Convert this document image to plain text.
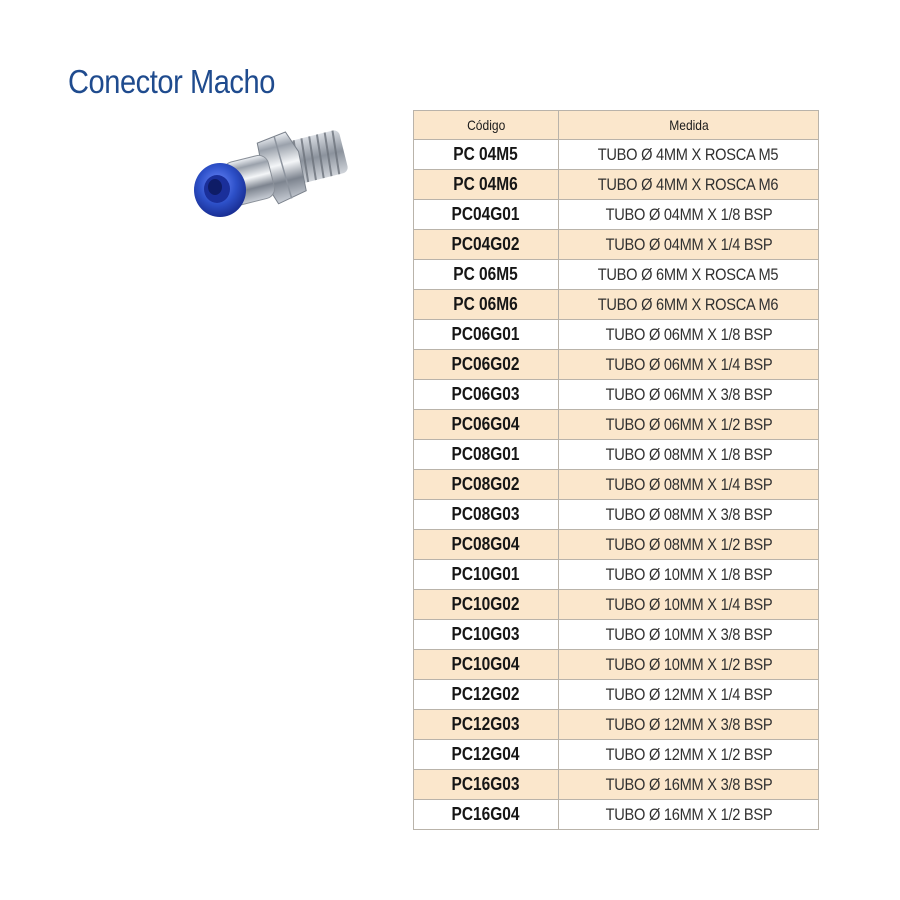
Conector Macho
Código	Medida
PC 04M5	TUBO Ø 4MM X ROSCA M5
PC 04M6	TUBO Ø 4MM X ROSCA M6
PC04G01	TUBO Ø 04MM X 1/8 BSP
PC04G02	TUBO Ø 04MM X 1/4 BSP
PC 06M5	TUBO Ø 6MM X ROSCA M5
PC 06M6	TUBO Ø 6MM X ROSCA M6
PC06G01	TUBO Ø 06MM X 1/8 BSP
PC06G02	TUBO Ø 06MM X 1/4 BSP
PC06G03	TUBO Ø 06MM X 3/8 BSP
PC06G04	TUBO Ø 06MM X 1/2 BSP
PC08G01	TUBO Ø 08MM X 1/8 BSP
PC08G02	TUBO Ø 08MM X 1/4 BSP
PC08G03	TUBO Ø 08MM X 3/8 BSP
PC08G04	TUBO Ø 08MM X 1/2 BSP
PC10G01	TUBO Ø 10MM X 1/8 BSP
PC10G02	TUBO Ø 10MM X 1/4 BSP
PC10G03	TUBO Ø 10MM X 3/8 BSP
PC10G04	TUBO Ø 10MM X 1/2 BSP
PC12G02	TUBO Ø 12MM X 1/4 BSP
PC12G03	TUBO Ø 12MM X 3/8 BSP
PC12G04	TUBO Ø 12MM X 1/2 BSP
PC16G03	TUBO Ø 16MM X 3/8 BSP
PC16G04	TUBO Ø 16MM X 1/2 BSP
